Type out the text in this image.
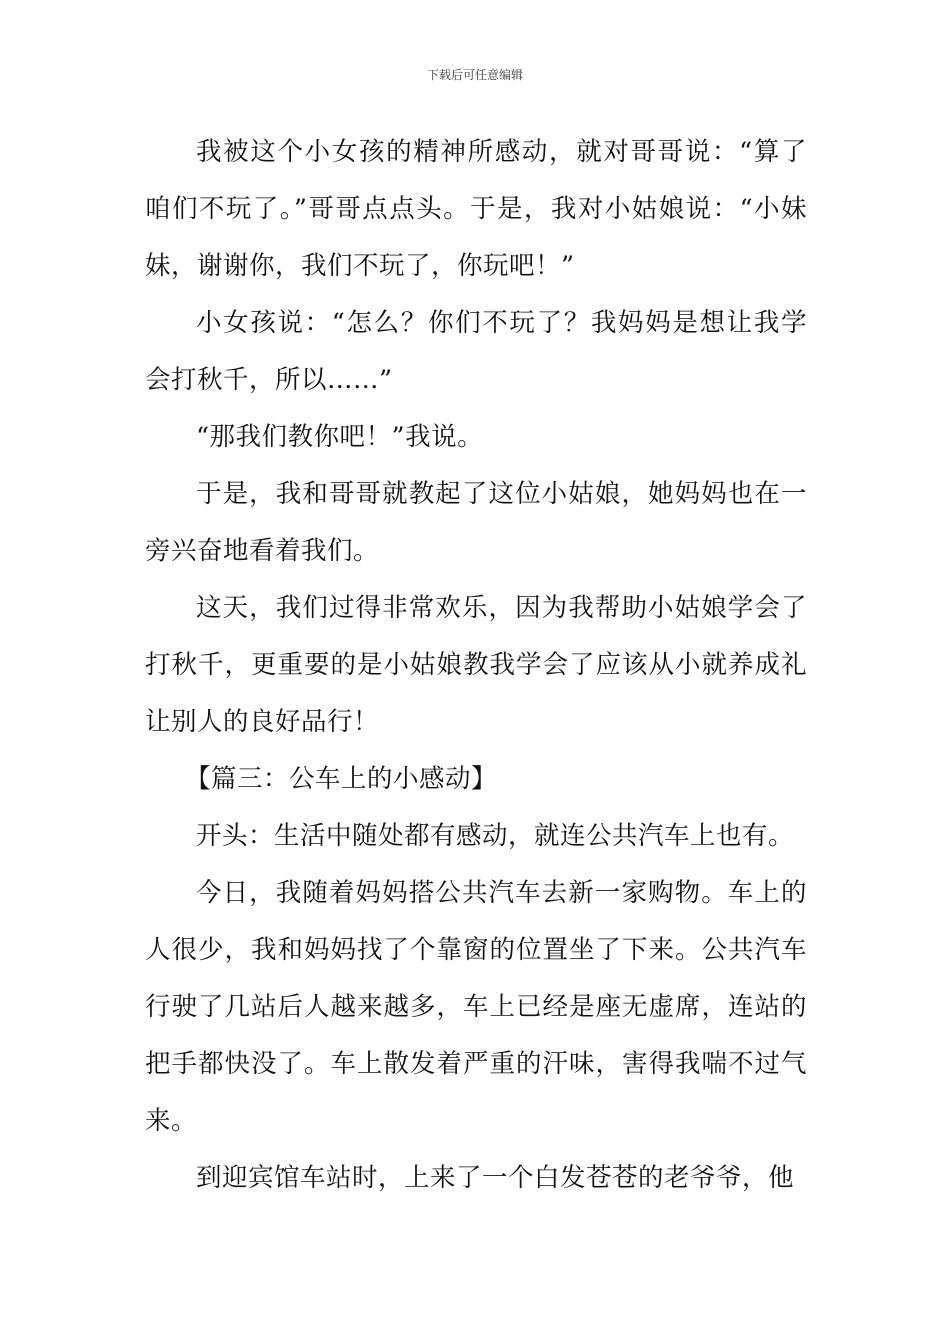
下载后可任意编辑

我被这个小女孩的精神所感动，就对哥哥说：“算了咱们不玩了。”哥哥点点头。于是，我对小姑娘说：“小妹妹，谢谢你，我们不玩了，你玩吧！”

小女孩说：“怎么？你们不玩了？我妈妈是想让我学会打秋千，所以……”

“那我们教你吧！”我说。

于是，我和哥哥就教起了这位小姑娘，她妈妈也在一旁兴奋地看着我们。

这天，我们过得非常欢乐，因为我帮助小姑娘学会了打秋千，更重要的是小姑娘教我学会了应该从小就养成礼让别人的良好品行！

【篇三：公车上的小感动】

开头：生活中随处都有感动，就连公共汽车上也有。

今日，我随着妈妈搭公共汽车去新一家购物。车上的人很少，我和妈妈找了个靠窗的位置坐了下来。公共汽车行驶了几站后人越来越多，车上已经是座无虚席，连站的把手都快没了。车上散发着严重的汗味，害得我喘不过气来。

到迎宾馆车站时，上来了一个白发苍苍的老爷爷，他
